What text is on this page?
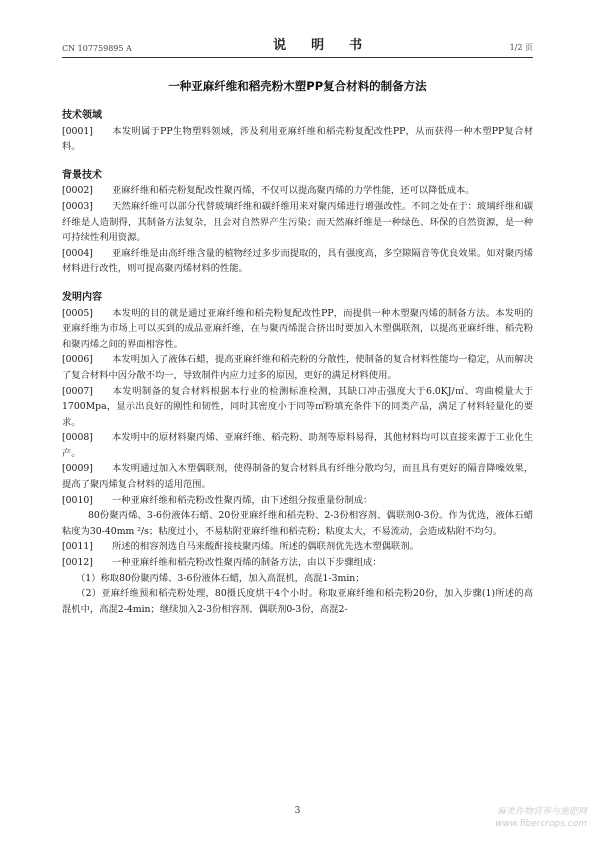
CN 107759895 A	说　明　书	1/2 页
一种亚麻纤维和稻壳粉木塑PP复合材料的制备方法

技术领域

[0001] 本发明属于PP生物塑料领域，涉及利用亚麻纤维和稻壳粉复配改性PP，从而获得一种木塑PP复合材料。

背景技术

[0002] 亚麻纤维和稻壳粉复配改性聚丙烯，不仅可以提高聚丙烯的力学性能，还可以降低成本。

[0003] 天然麻纤维可以部分代替玻璃纤维和碳纤维用来对聚丙烯进行增强改性。不同之处在于：玻璃纤维和碳纤维是人造制得，其制备方法复杂，且会对自然界产生污染；而天然麻纤维是一种绿色、环保的自然资源，是一种可持续性利用资源。

[0004] 亚麻纤维是由高纤维含量的植物经过多步而提取的，具有强度高，多空隙隔音等优良效果。如对聚丙烯材料进行改性，则可提高聚丙烯材料的性能。

发明内容

[0005] 本发明的目的就是通过亚麻纤维和稻壳粉复配改性PP，而提供一种木塑聚丙烯的制备方法。本发明的亚麻纤维为市场上可以买到的成品亚麻纤维，在与聚丙烯混合挤出时要加入木塑偶联剂，以提高亚麻纤维、稻壳粉和聚丙烯之间的界面相容性。

[0006] 本发明加入了液体石蜡，提高亚麻纤维和稻壳粉的分散性，使制备的复合材料性能均一稳定，从而解决了复合材料中因分散不均一，导致制件内应力过多的原因，更好的满足材料使用。

[0007] 本发明制备的复合材料根据本行业的检测标准检测，其缺口冲击强度大于6.0KJ/㎡、弯曲模量大于1700Mpa，显示出良好的刚性和韧性，同时其密度小于同等㎡粉填充条件下的同类产品，满足了材料轻量化的要求。

[0008] 本发明中的原材料聚丙烯、亚麻纤维、稻壳粉、助剂等原料易得，其他材料均可以直接来源于工业化生产。

[0009] 本发明通过加入木塑偶联剂，使得制备的复合材料具有纤维分散均匀，而且具有更好的隔音降噪效果，提高了聚丙烯复合材料的适用范围。

[0010] 一种亚麻纤维和稻壳粉改性聚丙烯，由下述组分按重量份制成：

80份聚丙烯、3-6份液体石蜡、20份亚麻纤维和稻壳粉、2-3份相容剂、偶联剂0-3份。作为优选，液体石蜡粘度为30-40mm ²/s；粘度过小，不易粘附亚麻纤维和稻壳粉；粘度太大，不易流动，会造成粘附不均匀。

[0011] 所述的相容剂选自马来酸酐接枝聚丙烯。所述的偶联剂优先选木塑偶联剂。

[0012] 一种亚麻纤维和稻壳粉改性聚丙烯的制备方法，由以下步骤组成：

（1）称取80份聚丙烯、3-6份液体石蜡，加入高混机，高混1-3min；

（2）亚麻纤维预和稻壳粉处理，80摄氏度烘干4个小时。称取亚麻纤维和稻壳粉20份，加入步骤(1)所述的高混机中，高混2-4min；继续加入2-3份相容剂、偶联剂0-3份，高混2-

3	麻类作物营养与施肥网
www.fibercrops.com
